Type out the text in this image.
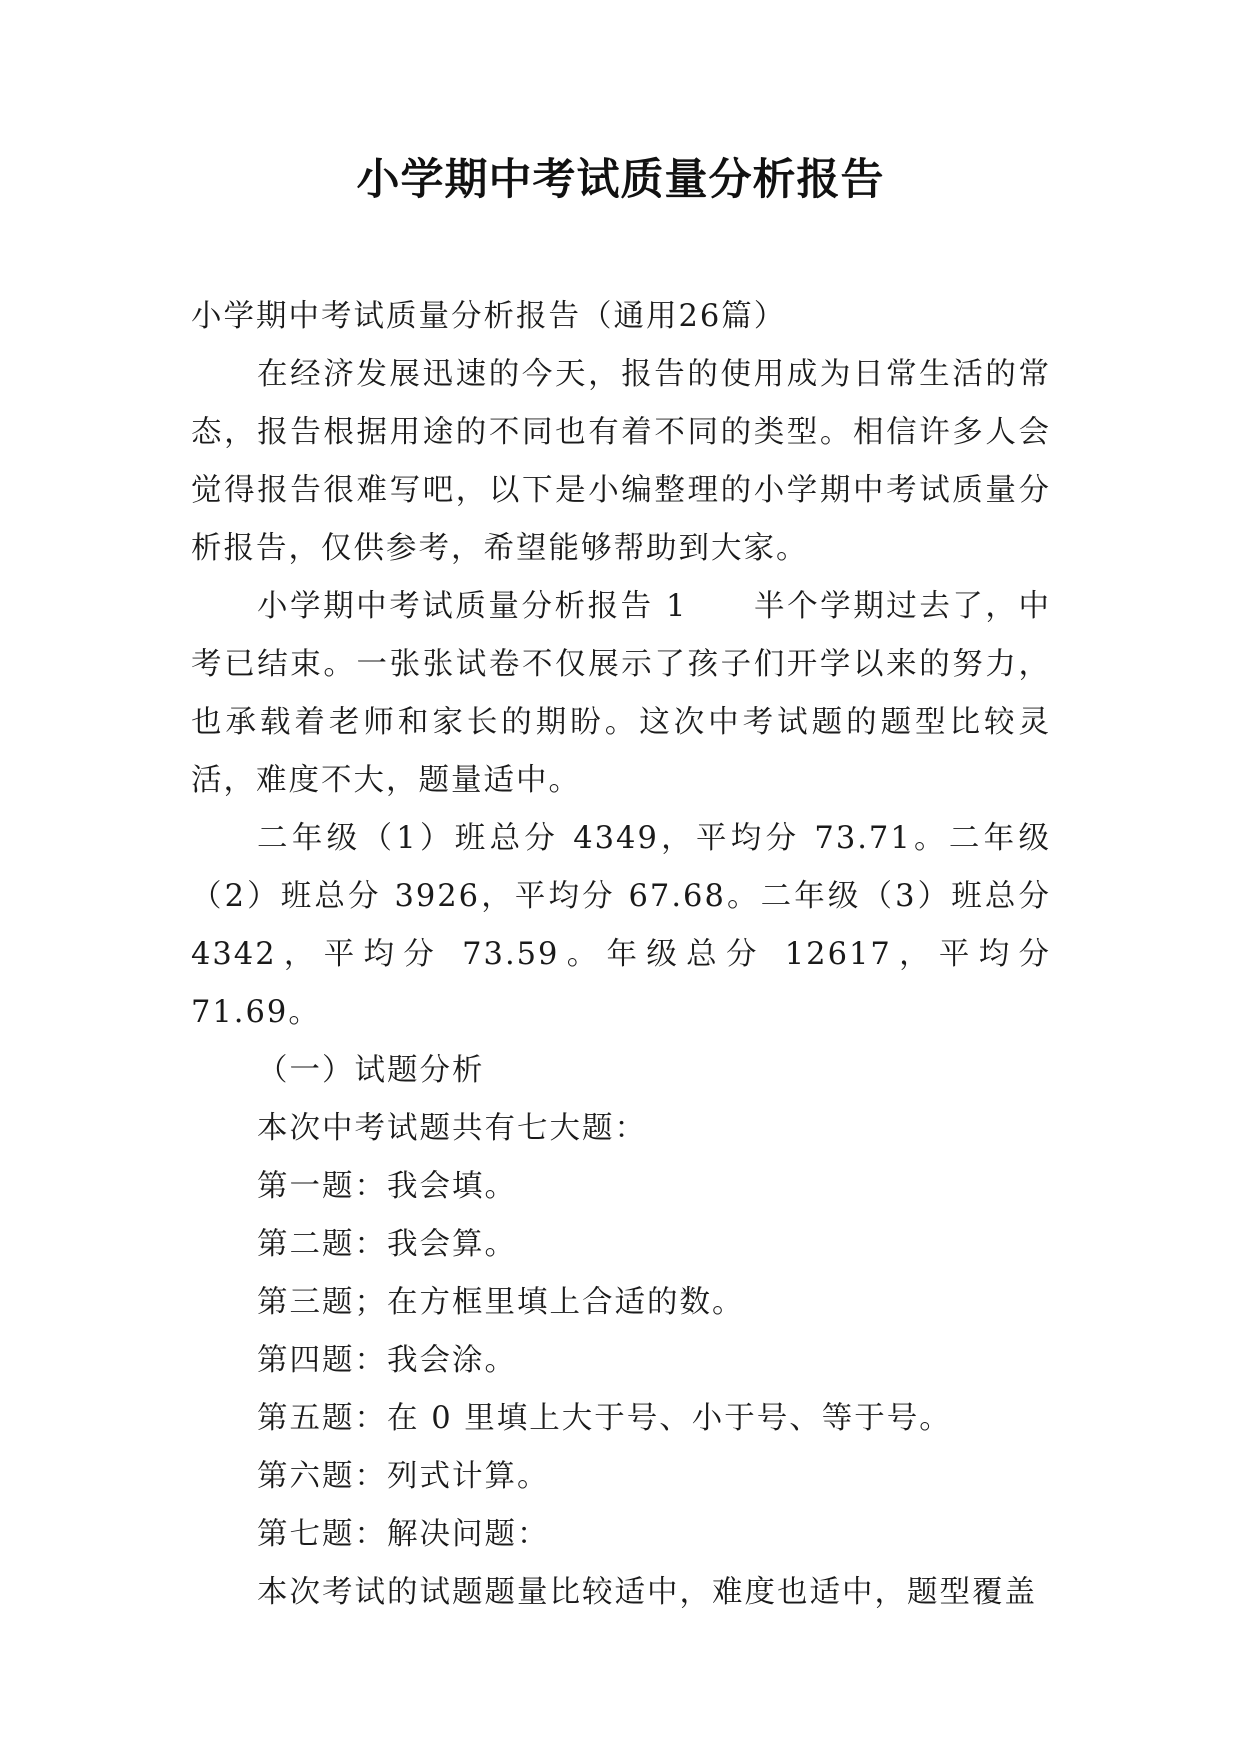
小学期中考试质量分析报告

小学期中考试质量分析报告（通用26篇）

在经济发展迅速的今天，报告的使用成为日常生活的常态，报告根据用途的不同也有着不同的类型。相信许多人会觉得报告很难写吧，以下是小编整理的小学期中考试质量分析报告，仅供参考，希望能够帮助到大家。

小学期中考试质量分析报告 1　　半个学期过去了，中考已结束。一张张试卷不仅展示了孩子们开学以来的努力，也承载着老师和家长的期盼。这次中考试题的题型比较灵活，难度不大，题量适中。

二年级（1）班总分 4349，平均分 73.71。二年级（2）班总分 3926，平均分 67.68。二年级（3）班总分 4342，平均分 73.59。年级总分 12617，平均分 71.69。

（一）试题分析

本次中考试题共有七大题：

第一题：我会填。

第二题：我会算。

第三题；在方框里填上合适的数。

第四题：我会涂。

第五题：在 0 里填上大于号、小于号、等于号。

第六题：列式计算。

第七题：解决问题：

本次考试的试题题量比较适中，难度也适中，题型覆盖
